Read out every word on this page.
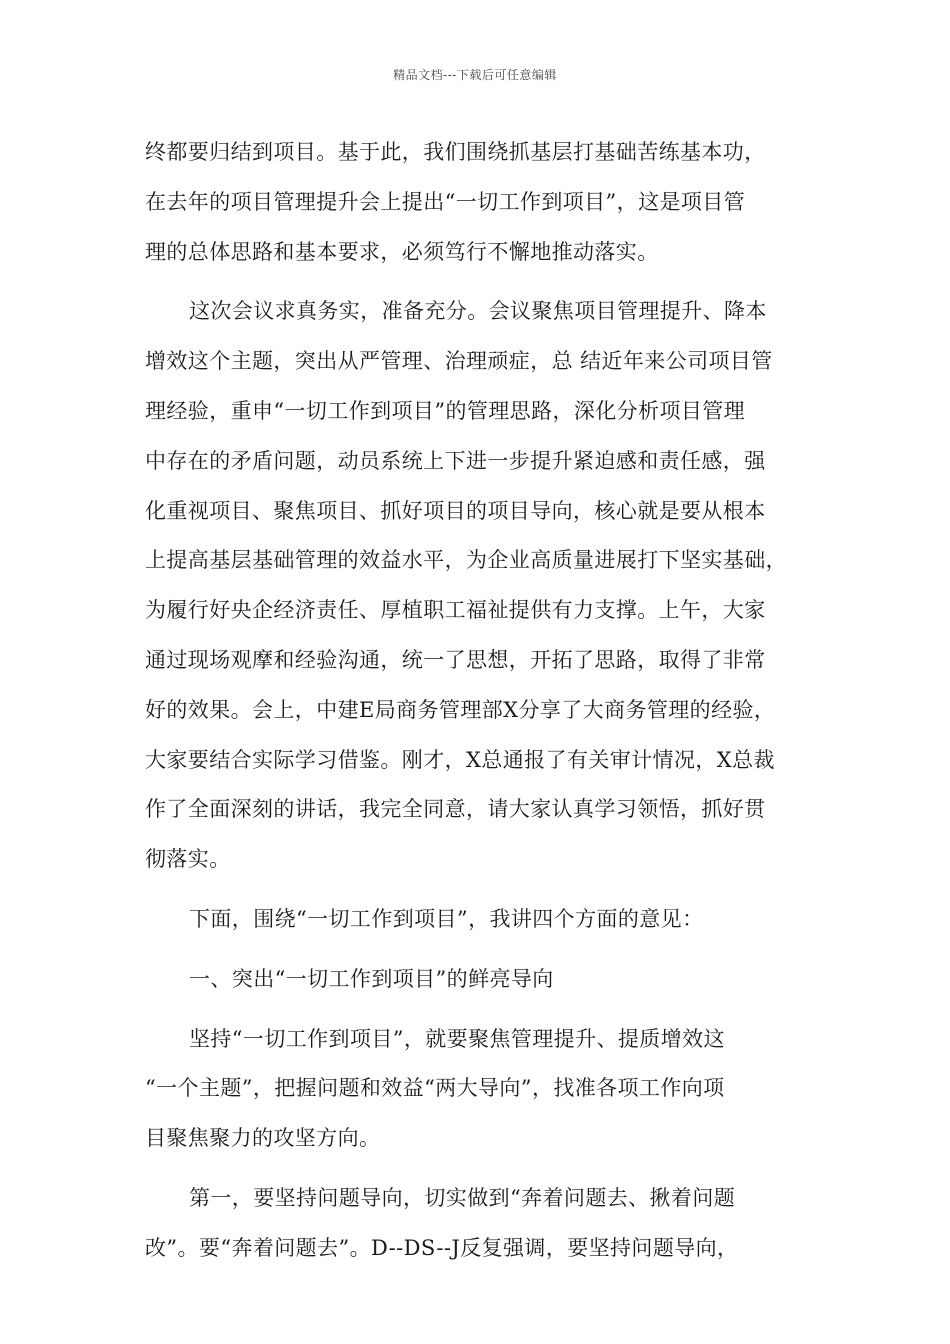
精品文档---下载后可任意编辑
终都要归结到项目。基于此，我们围绕抓基层打基础苦练基本功，
在去年的项目管理提升会上提出“一切工作到项目”，这是项目管
理的总体思路和基本要求，必须笃行不懈地推动落实。
这次会议求真务实，准备充分。会议聚焦项目管理提升、降本
增效这个主题，突出从严管理、治理顽症，总 结近年来公司项目管
理经验，重申“一切工作到项目”的管理思路，深化分析项目管理
中存在的矛盾问题，动员系统上下进一步提升紧迫感和责任感，强
化重视项目、聚焦项目、抓好项目的项目导向，核心就是要从根本
上提高基层基础管理的效益水平，为企业高质量进展打下坚实基础，
为履行好央企经济责任、厚植职工福祉提供有力支撑。上午，大家
通过现场观摩和经验沟通，统一了思想，开拓了思路，取得了非常
好的效果。会上，中建E局商务管理部X分享了大商务管理的经验，
大家要结合实际学习借鉴。刚才，X总通报了有关审计情况，X总裁
作了全面深刻的讲话，我完全同意，请大家认真学习领悟，抓好贯
彻落实。
下面，围绕“一切工作到项目”，我讲四个方面的意见：
一、突出“一切工作到项目”的鲜亮导向
坚持“一切工作到项目”，就要聚焦管理提升、提质增效这
“一个主题”，把握问题和效益“两大导向”，找准各项工作向项
目聚焦聚力的攻坚方向。
第一，要坚持问题导向，切实做到“奔着问题去、揪着问题
改”。要“奔着问题去”。D--DS--J反复强调，要坚持问题导向，
